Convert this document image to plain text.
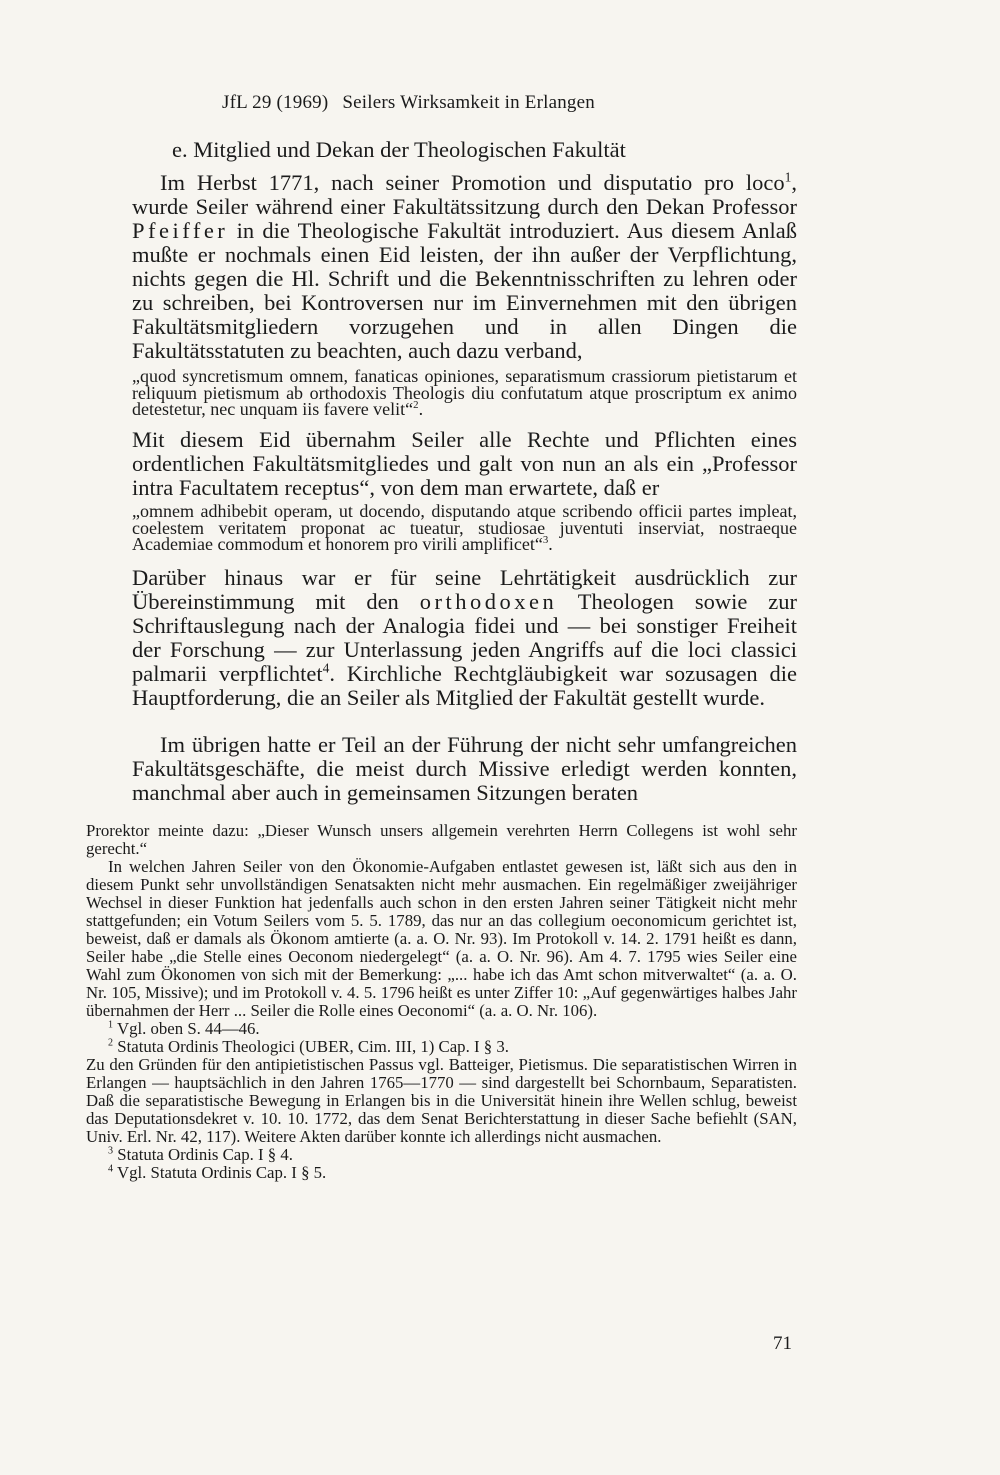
JfL 29 (1969) Seilers Wirksamkeit in Erlangen
e. Mitglied und Dekan der Theologischen Fakultät
Im Herbst 1771, nach seiner Promotion und disputatio pro loco$^1$, wurde Seiler während einer Fakultätssitzung durch den Dekan Professor Pfeiffer in die Theologische Fakultät introduziert. Aus diesem Anlaß mußte er nochmals einen Eid leisten, der ihn außer der Verpflichtung, nichts gegen die Hl. Schrift und die Bekenntnisschriften zu lehren oder zu schreiben, bei Kontroversen nur im Einvernehmen mit den übrigen Fakultätsmitgliedern vorzugehen und in allen Dingen die Fakultätsstatuten zu beachten, auch dazu verband,
„quod syncretismum omnem, fanaticas opiniones, separatismum crassiorum pietistarum et reliquum pietismum ab orthodoxis Theologis diu confutatum atque proscriptum ex animo detestetur, nec unquam iis favere velit“$^2$.
Mit diesem Eid übernahm Seiler alle Rechte und Pflichten eines ordentlichen Fakultätsmitgliedes und galt von nun an als ein „Professor intra Facultatem receptus“, von dem man erwartete, daß er
„omnem adhibebit operam, ut docendo, disputando atque scribendo officii partes impleat, coelestem veritatem proponat ac tueatur, studiosae juventuti inserviat, nostraeque Academiae commodum et honorem pro virili amplificet“$^3$.
Darüber hinaus war er für seine Lehrtätigkeit ausdrücklich zur Übereinstimmung mit den orthodoxen Theologen sowie zur Schriftauslegung nach der Analogia fidei und — bei sonstiger Freiheit der Forschung — zur Unterlassung jeden Angriffs auf die loci classici palmarii verpflichtet$^4$. Kirchliche Rechtgläubigkeit war sozusagen die Hauptforderung, die an Seiler als Mitglied der Fakultät gestellt wurde.
Im übrigen hatte er Teil an der Führung der nicht sehr umfangreichen Fakultätsgeschäfte, die meist durch Missive erledigt werden konnten, manchmal aber auch in gemeinsamen Sitzungen beraten

Prorektor meinte dazu: „Dieser Wunsch unsers allgemein verehrten Herrn Collegens ist wohl sehr gerecht.“

In welchen Jahren Seiler von den Ökonomie-Aufgaben entlastet gewesen ist, läßt sich aus den in diesem Punkt sehr unvollständigen Senatsakten nicht mehr ausmachen. Ein regelmäßiger zweijähriger Wechsel in dieser Funktion hat jedenfalls auch schon in den ersten Jahren seiner Tätigkeit nicht mehr stattgefunden; ein Votum Seilers vom 5. 5. 1789, das nur an das collegium oeconomicum gerichtet ist, beweist, daß er damals als Ökonom amtierte (a. a. O. Nr. 93). Im Protokoll v. 14. 2. 1791 heißt es dann, Seiler habe „die Stelle eines Oeconom niedergelegt“ (a. a. O. Nr. 96). Am 4. 7. 1795 wies Seiler eine Wahl zum Ökonomen von sich mit der Bemerkung: „... habe ich das Amt schon mitverwaltet“ (a. a. O. Nr. 105, Missive); und im Protokoll v. 4. 5. 1796 heißt es unter Ziffer 10: „Auf gegenwärtiges halbes Jahr übernahmen der Herr ... Seiler die Rolle eines Oeconomi“ (a. a. O. Nr. 106).

$^1$ Vgl. oben S. 44—46.

$^2$ Statuta Ordinis Theologici (UBER, Cim. III, 1) Cap. I § 3.

Zu den Gründen für den antipietistischen Passus vgl. Batteiger, Pietismus. Die separatistischen Wirren in Erlangen — hauptsächlich in den Jahren 1765—1770 — sind dargestellt bei Schornbaum, Separatisten. Daß die separatistische Bewegung in Erlangen bis in die Universität hinein ihre Wellen schlug, beweist das Deputationsdekret v. 10. 10. 1772, das dem Senat Berichterstattung in dieser Sache befiehlt (SAN, Univ. Erl. Nr. 42, 117). Weitere Akten darüber konnte ich allerdings nicht ausmachen.

$^3$ Statuta Ordinis Cap. I § 4.

$^4$ Vgl. Statuta Ordinis Cap. I § 5.

71
